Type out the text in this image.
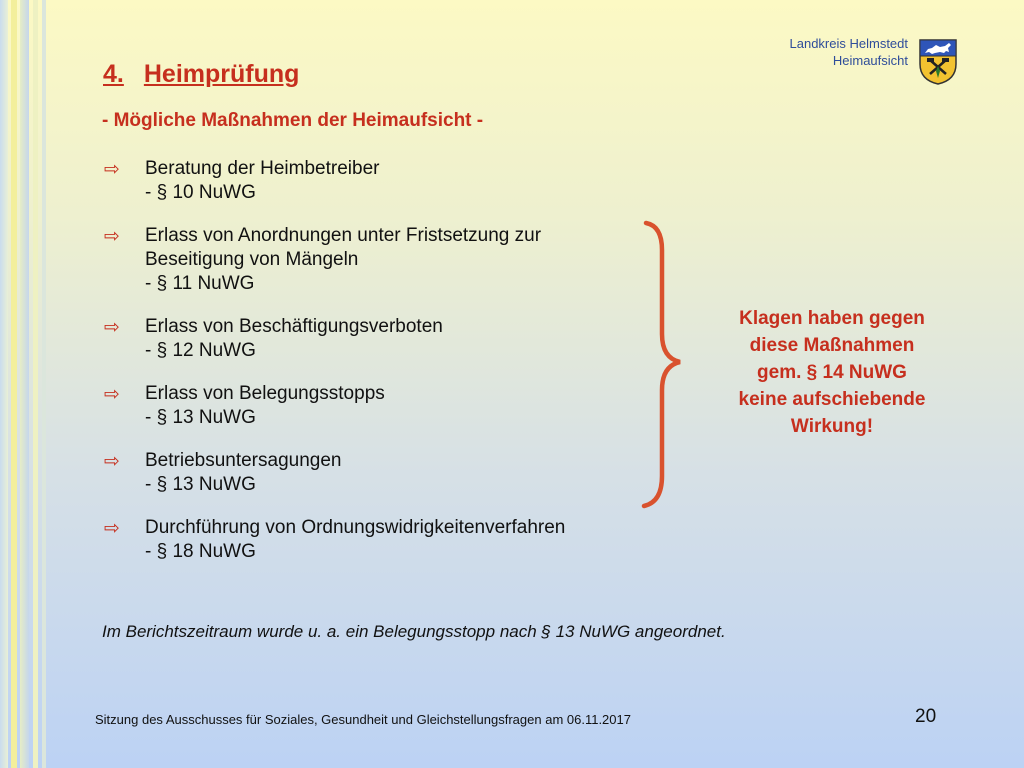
Landkreis Helmstedt
Heimaufsicht
4. Heimprüfung
- Mögliche Maßnahmen der Heimaufsicht -
⇨ Beratung der Heimbetreiber
- § 10 NuWG
⇨ Erlass von Anordnungen unter Fristsetzung zur
Beseitigung von Mängeln
- § 11 NuWG
⇨ Erlass von Beschäftigungsverboten
- § 12 NuWG
⇨ Erlass von Belegungsstopps
- § 13 NuWG
⇨ Betriebsuntersagungen
- § 13 NuWG
⇨ Durchführung von Ordnungswidrigkeitenverfahren
- § 18 NuWG
Klagen haben gegen
diese Maßnahmen
gem. § 14 NuWG
keine aufschiebende
Wirkung!
Im Berichtszeitraum wurde u. a. ein Belegungsstopp nach § 13 NuWG angeordnet.
Sitzung des Ausschusses für Soziales, Gesundheit und Gleichstellungsfragen am 06.11.2017	20
